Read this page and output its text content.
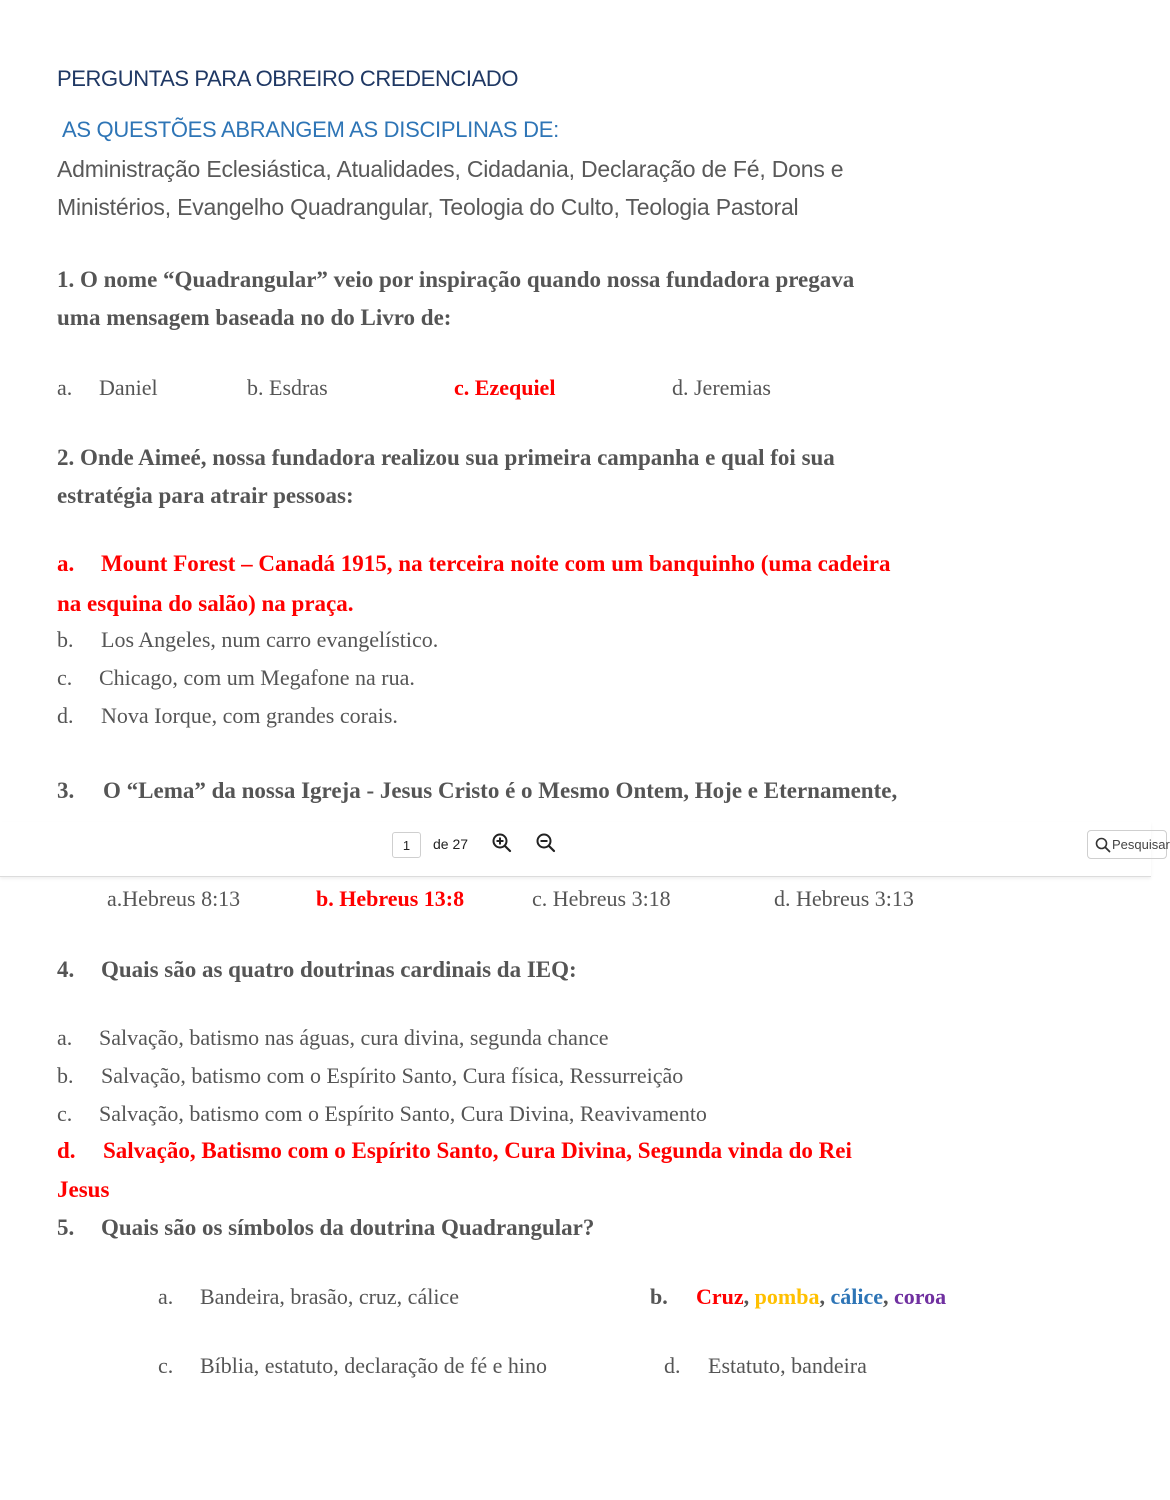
PERGUNTAS PARA OBREIRO CREDENCIADO
AS QUESTÕES ABRANGEM AS DISCIPLINAS DE:
Administração Eclesiástica, Atualidades, Cidadania, Declaração de Fé, Dons e
Ministérios, Evangelho Quadrangular, Teologia do Culto, Teologia Pastoral
1. O nome “Quadrangular” veio por inspiração quando nossa fundadora pregava
uma mensagem baseada no do Livro de:
a. Daniel	b. Esdras	c. Ezequiel	d. Jeremias
2. Onde Aimeé, nossa fundadora realizou sua primeira campanha e qual foi sua
estratégia para atrair pessoas:
a. Mount Forest – Canadá 1915, na terceira noite com um banquinho (uma cadeira
na esquina do salão) na praça.
b. Los Angeles, num carro evangelístico.
c. Chicago, com um Megafone na rua.
d. Nova Iorque, com grandes corais.
3. O “Lema” da nossa Igreja - Jesus Cristo é o Mesmo Ontem, Hoje e Eternamente,
1	de 27	Pesquisar
a.Hebreus 8:13	b. Hebreus 13:8	c. Hebreus 3:18	d. Hebreus 3:13
4. Quais são as quatro doutrinas cardinais da IEQ:
a. Salvação, batismo nas águas, cura divina, segunda chance
b. Salvação, batismo com o Espírito Santo, Cura física, Ressurreição
c. Salvação, batismo com o Espírito Santo, Cura Divina, Reavivamento
d. Salvação, Batismo com o Espírito Santo, Cura Divina, Segunda vinda do Rei
Jesus
5. Quais são os símbolos da doutrina Quadrangular?
a. Bandeira, brasão, cruz, cálice	b. Cruz, pomba, cálice, coroa
c. Bíblia, estatuto, declaração de fé e hino	d. Estatuto, bandeira
